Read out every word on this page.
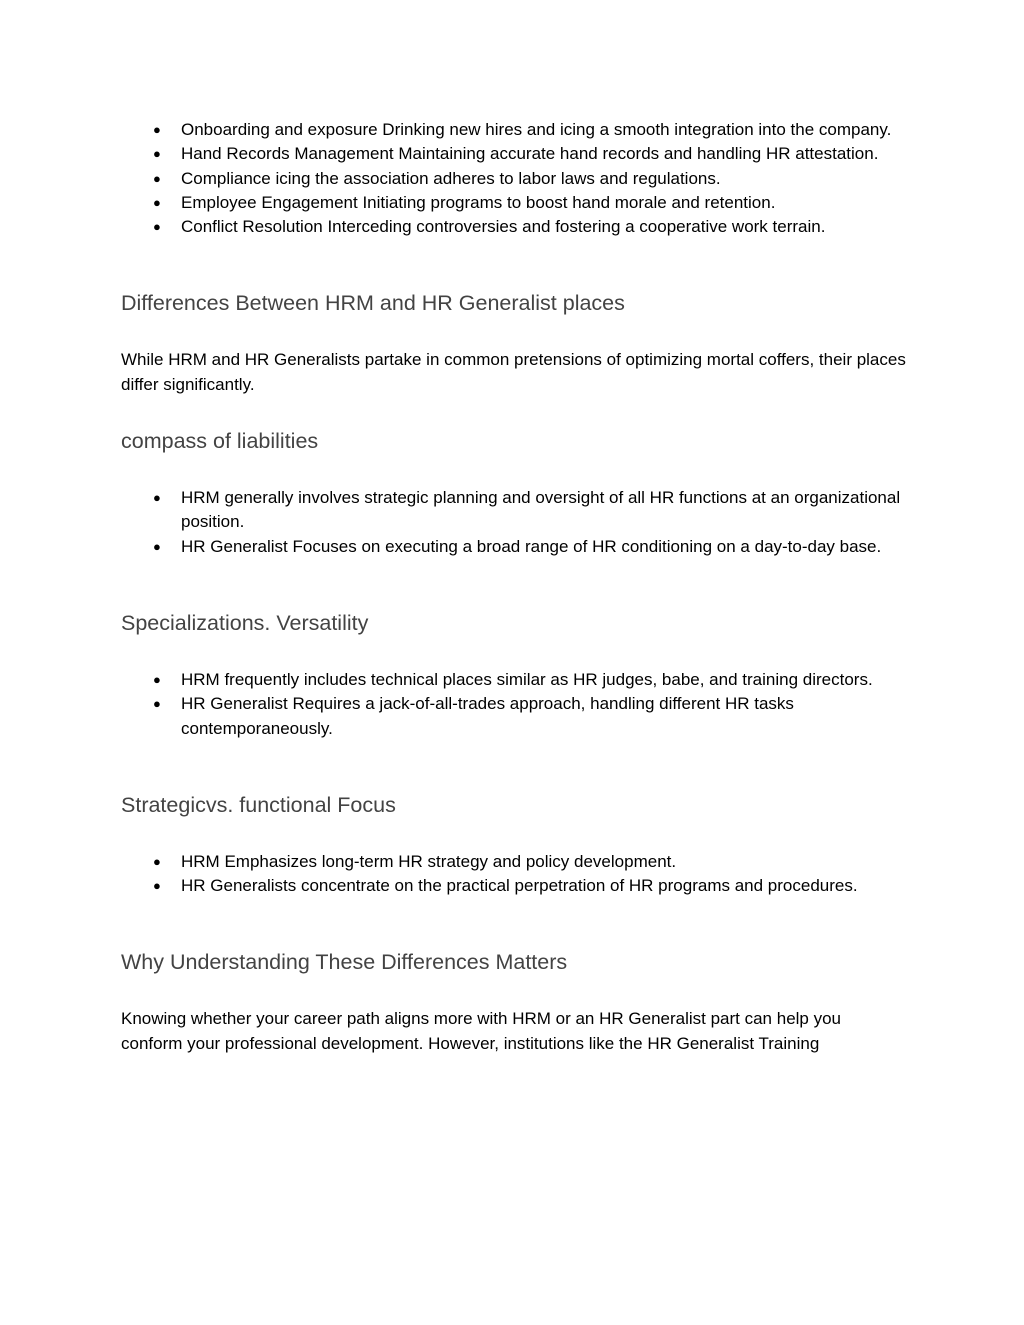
● Onboarding and exposure Drinking new hires and icing a smooth integration into the company.
● Hand Records Management Maintaining accurate hand records and handling HR attestation.
● Compliance icing the association adheres to labor laws and regulations.
● Employee Engagement Initiating programs to boost hand morale and retention.
● Conflict Resolution Interceding controversies and fostering a cooperative work terrain.
Differences Between HRM and HR Generalist places

While HRM and HR Generalists partake in common pretensions of optimizing mortal coffers, their places differ significantly.

compass of liabilities
● HRM generally involves strategic planning and oversight of all HR functions at an organizational position.
● HR Generalist Focuses on executing a broad range of HR conditioning on a day-to-day base.
Specializations. Versatility
● HRM frequently includes technical places similar as HR judges, babe, and training directors.
● HR Generalist Requires a jack-of-all-trades approach, handling different HR tasks contemporaneously.
Strategicvs. functional Focus
● HRM Emphasizes long-term HR strategy and policy development.
● HR Generalists concentrate on the practical perpetration of HR programs and procedures.
Why Understanding These Differences Matters

Knowing whether your career path aligns more with HRM or an HR Generalist part can help you conform your professional development. However, institutions like the HR Generalist Training
